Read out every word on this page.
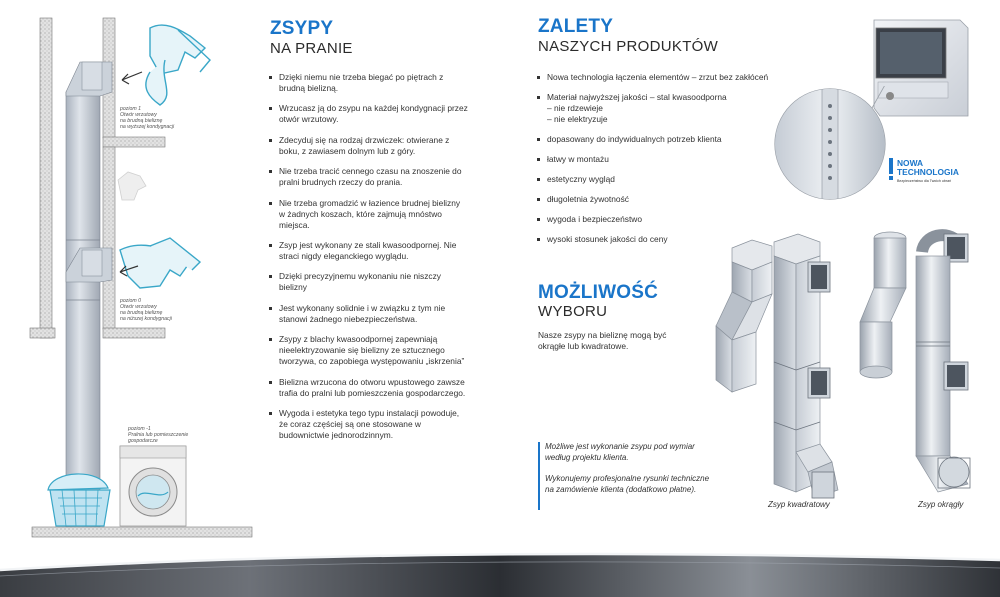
poziom 1
Otwór wrzutowy
na brudną bieliznę
na wyższej kondygnacji
poziom 0
Otwór wrzutowy
na brudną bieliznę
na niższej kondygnacji
poziom -1
Pralnia lub pomieszczenie
gospodarcze
ZSYPY
NA PRANIE
Dzięki niemu nie trzeba biegać po piętrach z brudną bielizną.
Wrzucasz ją do zsypu na każdej kondygnacji przez otwór wrzutowy.
Zdecyduj się na rodzaj drzwiczek: otwierane z boku, z zawiasem dolnym lub z góry.
Nie trzeba tracić cennego czasu na znoszenie do pralni brudnych rzeczy do prania.
Nie trzeba gromadzić w łazience brudnej bielizny w żadnych koszach, które zajmują mnóstwo miejsca.
Zsyp jest wykonany ze stali kwasoodpornej. Nie straci nigdy eleganckiego wyglądu.
Dzięki precyzyjnemu wykonaniu nie niszczy bielizny
Jest wykonany solidnie i w związku z tym nie stanowi żadnego niebezpieczeństwa.
Zsypy z blachy kwasoodpornej zapewniają nieelektryzowanie się bielizny ze sztucznego tworzywa, co zapobiega występowaniu „iskrzenia”
Bielizna wrzucona do otworu wpustowego zawsze trafia do pralni lub pomieszczenia gospodarczego.
Wygoda i estetyka tego typu instalacji powoduje, że coraz częściej są one stosowane w budownictwie jednorodzinnym.
ZALETY
NASZYCH PRODUKTÓW
Nowa technologia łączenia elementów – zrzut bez zakłóceń
Materiał najwyższej jakości – stal kwasoodporna
– nie rdzewieje
– nie elektryzuje
dopasowany do indywidualnych potrzeb klienta
łatwy w montażu
estetyczny wygląd
długoletnia żywotność
wygoda i bezpieczeństwo
wysoki stosunek jakości do ceny
NOWA TECHNOLOGIA
Bezpieczeństwo dla Twoich ubrań
MOŻLIWOŚĆ
WYBORU
Nasze zsypy na bieliznę mogą być okrągłe lub kwadratowe.
Możliwe jest wykonanie zsypu pod wymiar według projektu klienta.
Wykonujemy profesjonalne rysunki techniczne na zamówienie klienta (dodatkowo płatne).
Zsyp kwadratowy	Zsyp okrągły
